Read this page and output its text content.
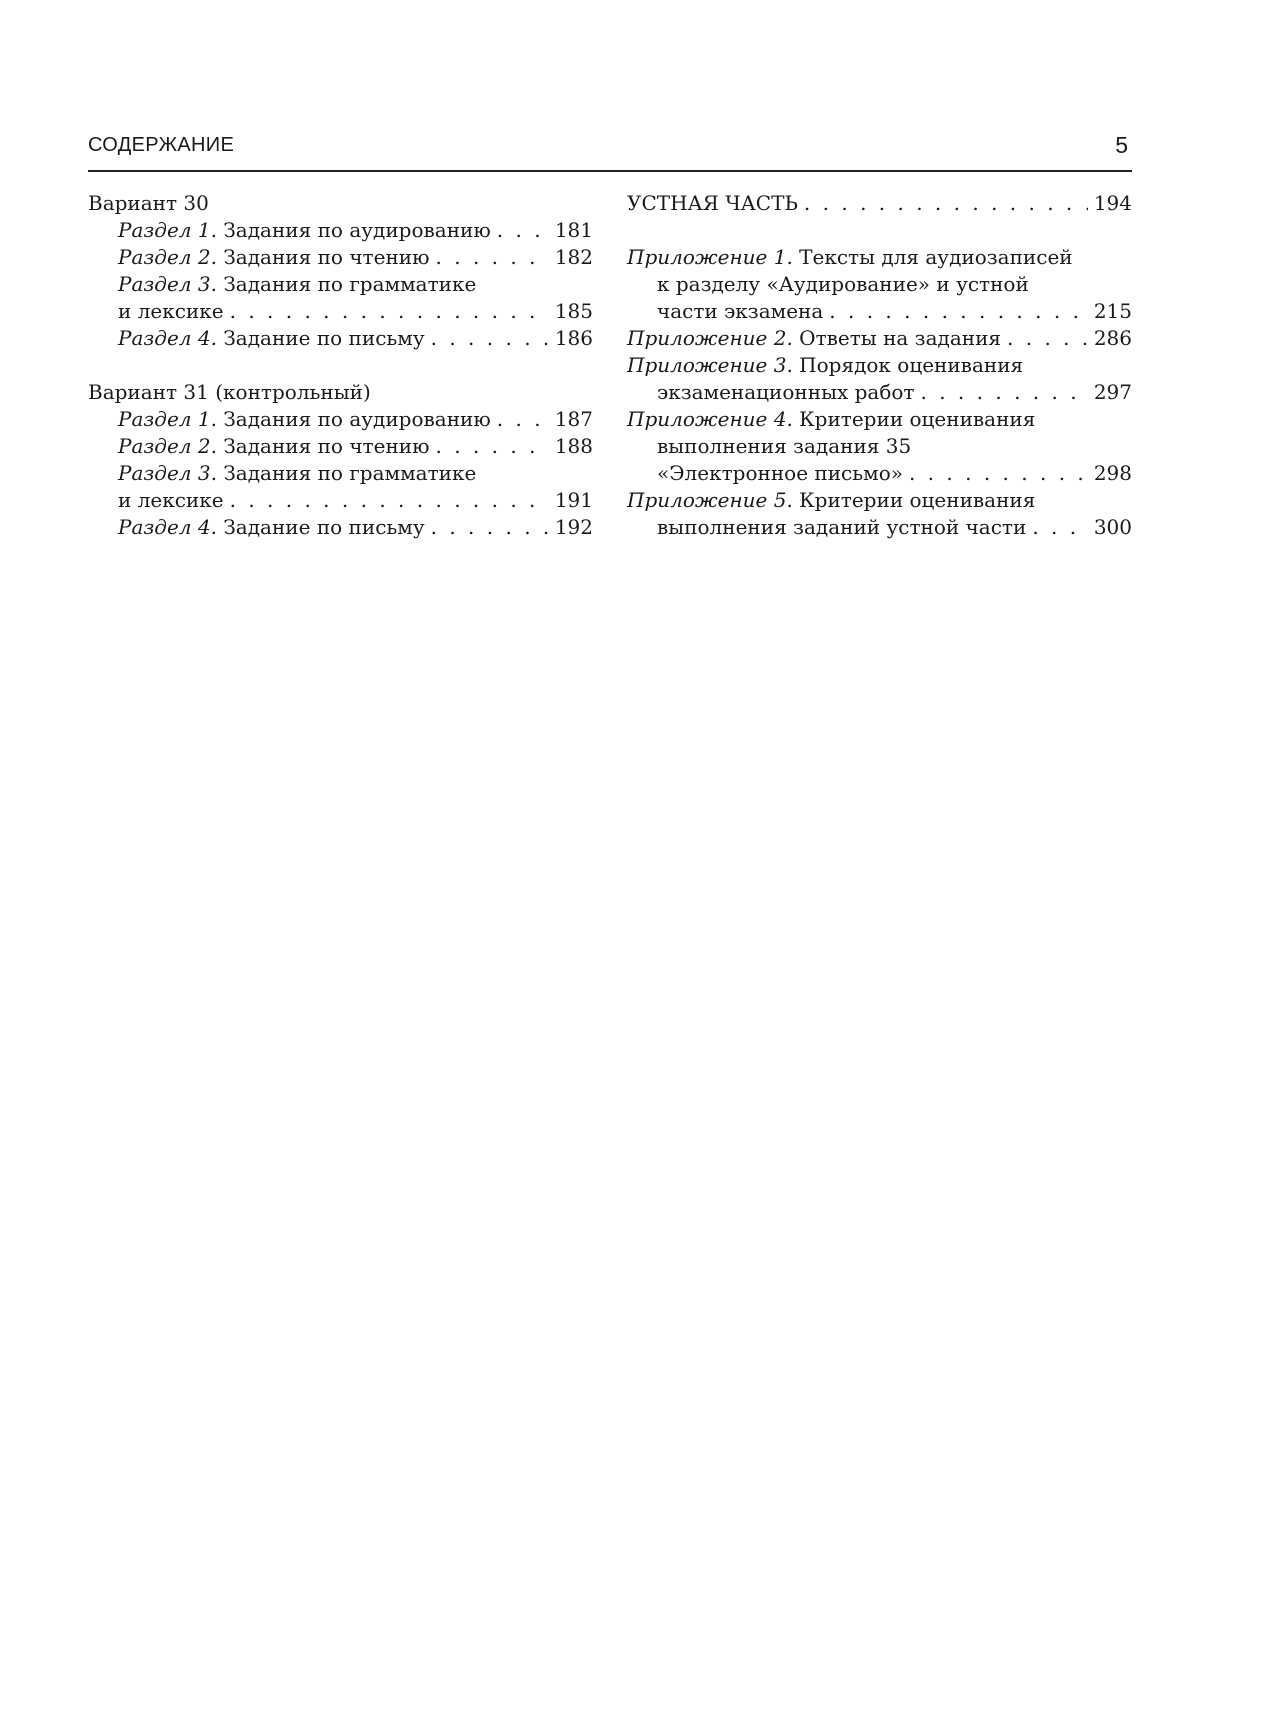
СОДЕРЖАНИЕ	5
Вариант 30
Раздел 1. Задания по аудированию . . .	181
Раздел 2. Задания по чтению . . .	182
Раздел 3. Задания по грамматике
и лексике . . .	185
Раздел 4. Задание по письму . . .	186
Вариант 31 (контрольный)
Раздел 1. Задания по аудированию . . .	187
Раздел 2. Задания по чтению . . .	188
Раздел 3. Задания по грамматике
и лексике . . .	191
Раздел 4. Задание по письму . . .	192
УСТНАЯ ЧАСТЬ . . .	194
Приложение 1. Тексты для аудиозаписей
к разделу «Аудирование» и устной
части экзамена . . .	215
Приложение 2. Ответы на задания . . .	286
Приложение 3. Порядок оценивания
экзаменационных работ . . .	297
Приложение 4. Критерии оценивания
выполнения задания 35
«Электронное письмо» . . .	298
Приложение 5. Критерии оценивания
выполнения заданий устной части . . .	300
